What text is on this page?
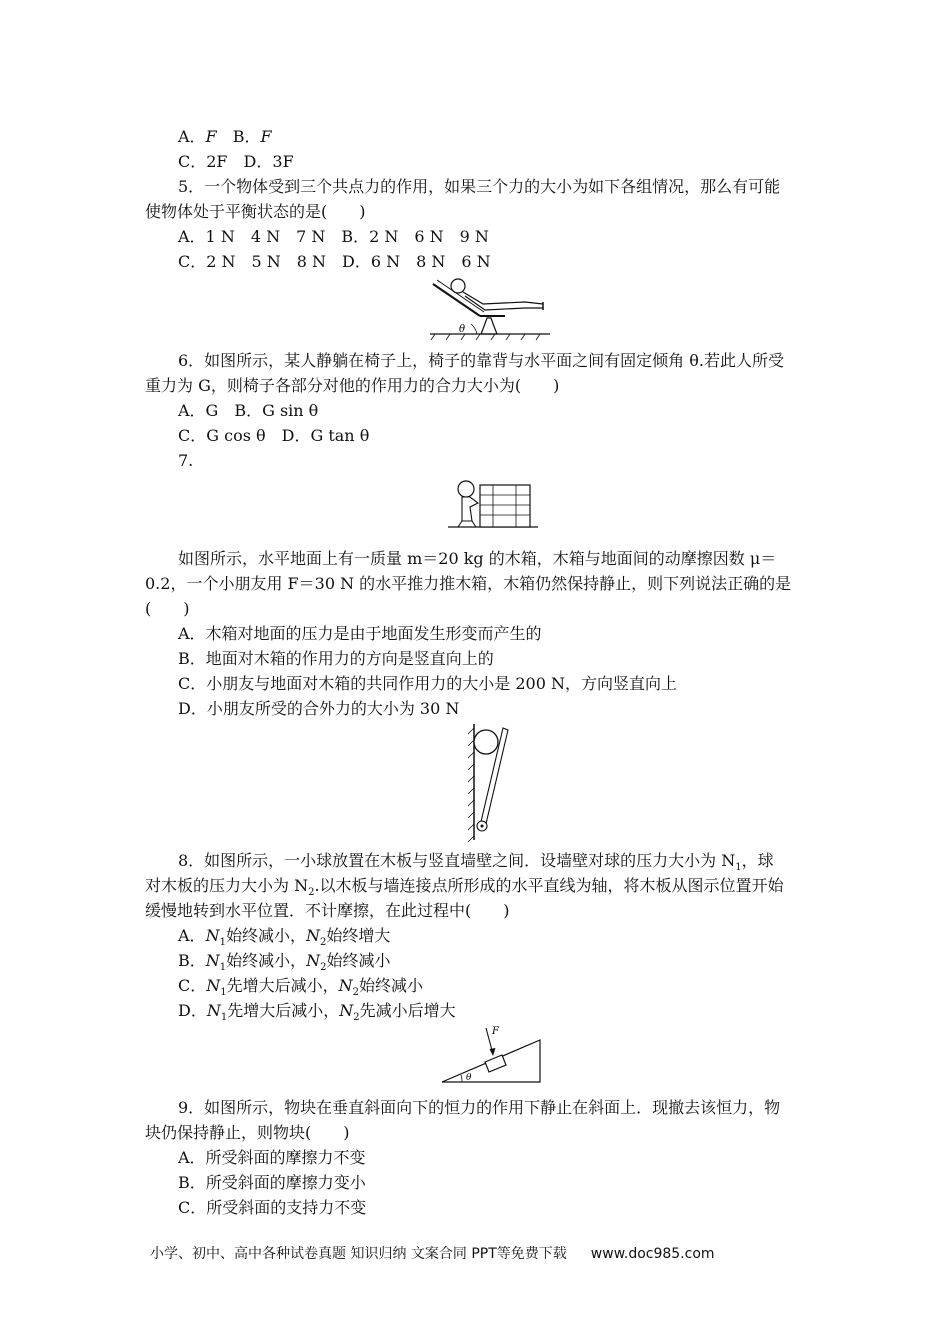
A．F　 B．F
C．2F　 D．3F
5．一个物体受到三个共点力的作用，如果三个力的大小为如下各组情况，那么有可能
使物体处于平衡状态的是(　　)
A．1 N　4 N　7 N　B．2 N　6 N　9 N
C．2 N　5 N　8 N　D．6 N　8 N　6 N
θ
6．如图所示，某人静躺在椅子上，椅子的靠背与水平面之间有固定倾角 θ.若此人所受
重力为 G，则椅子各部分对他的作用力的合力大小为(　　)
A．G　B．G sin θ
C．G cos θ　D．G tan θ
7.
如图所示，水平地面上有一质量 m＝20 kg 的木箱，木箱与地面间的动摩擦因数 μ＝
0.2，一个小朋友用 F＝30 N 的水平推力推木箱，木箱仍然保持静止，则下列说法正确的是
(　　)
A．木箱对地面的压力是由于地面发生形变而产生的
B．地面对木箱的作用力的方向是竖直向上的
C．小朋友与地面对木箱的共同作用力的大小是 200 N，方向竖直向上
D．小朋友所受的合外力的大小为 30 N
8．如图所示，一小球放置在木板与竖直墙壁之间．设墙壁对球的压力大小为 $N_1$，球
对木板的压力大小为 $N_2$.以木板与墙连接点所形成的水平直线为轴，将木板从图示位置开始
缓慢地转到水平位置．不计摩擦，在此过程中(　　)
A．$N_1$始终减小，$N_2$始终增大
B．$N_1$始终减小，$N_2$始终减小
C．$N_1$先增大后减小，$N_2$始终减小
D．$N_1$先增大后减小，$N_2$先减小后增大
F
θ
9．如图所示，物块在垂直斜面向下的恒力的作用下静止在斜面上．现撤去该恒力，物
块仍保持静止，则物块(　　)
A．所受斜面的摩擦力不变
B．所受斜面的摩擦力变小
C．所受斜面的支持力不变
小学、初中、高中各种试卷真题 知识归纳 文案合同 PPT等免费下载 www.doc985.com
